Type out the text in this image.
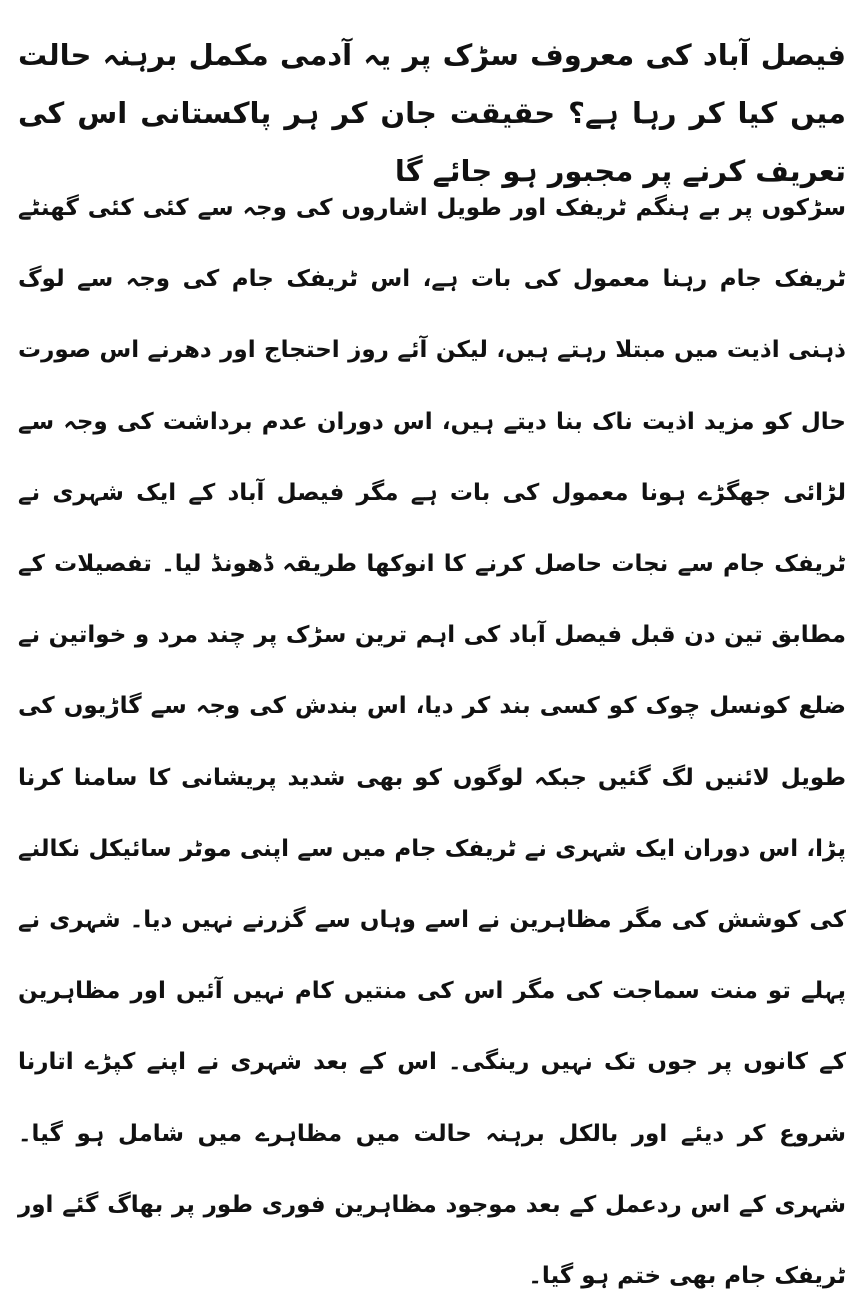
فیصل آباد کی معروف سڑک پر یہ آدمی مکمل برہنہ حالت میں کیا کر رہا ہے؟ حقیقت جان کر ہر پاکستانی اس کی تعریف کرنے پر مجبور ہو جائے گا

سڑکوں پر بے ہنگم ٹریفک اور طویل اشاروں کی وجہ سے کئی کئی گھنٹے ٹریفک جام رہنا معمول کی بات ہے، اس ٹریفک جام کی وجہ سے لوگ ذہنی اذیت میں مبتلا رہتے ہیں، لیکن آئے روز احتجاج اور دھرنے اس صورت حال کو مزید اذیت ناک بنا دیتے ہیں، اس دوران عدم برداشت کی وجہ سے لڑائی جھگڑے ہونا معمول کی بات ہے مگر فیصل آباد کے ایک شہری نے ٹریفک جام سے نجات حاصل کرنے کا انوکھا طریقہ ڈھونڈ لیا۔ تفصیلات کے مطابق تین دن قبل فیصل آباد کی اہم ترین سڑک پر چند مرد و خواتین نے ضلع کونسل چوک کو کسی بند کر دیا، اس بندش کی وجہ سے گاڑیوں کی طویل لائنیں لگ گئیں جبکہ لوگوں کو بھی شدید پریشانی کا سامنا کرنا پڑا، اس دوران ایک شہری نے ٹریفک جام میں سے اپنی موٹر سائیکل نکالنے کی کوشش کی مگر مظاہرین نے اسے وہاں سے گزرنے نہیں دیا۔ شہری نے پہلے تو منت سماجت کی مگر اس کی منتیں کام نہیں آئیں اور مظاہرین کے کانوں پر جوں تک نہیں رینگی۔ اس کے بعد شہری نے اپنے کپڑے اتارنا شروع کر دیئے اور بالکل برہنہ حالت میں مظاہرے میں شامل ہو گیا۔ شہری کے اس ردعمل کے بعد موجود مظاہرین فوری طور پر بھاگ گئے اور ٹریفک جام بھی ختم ہو گیا۔
